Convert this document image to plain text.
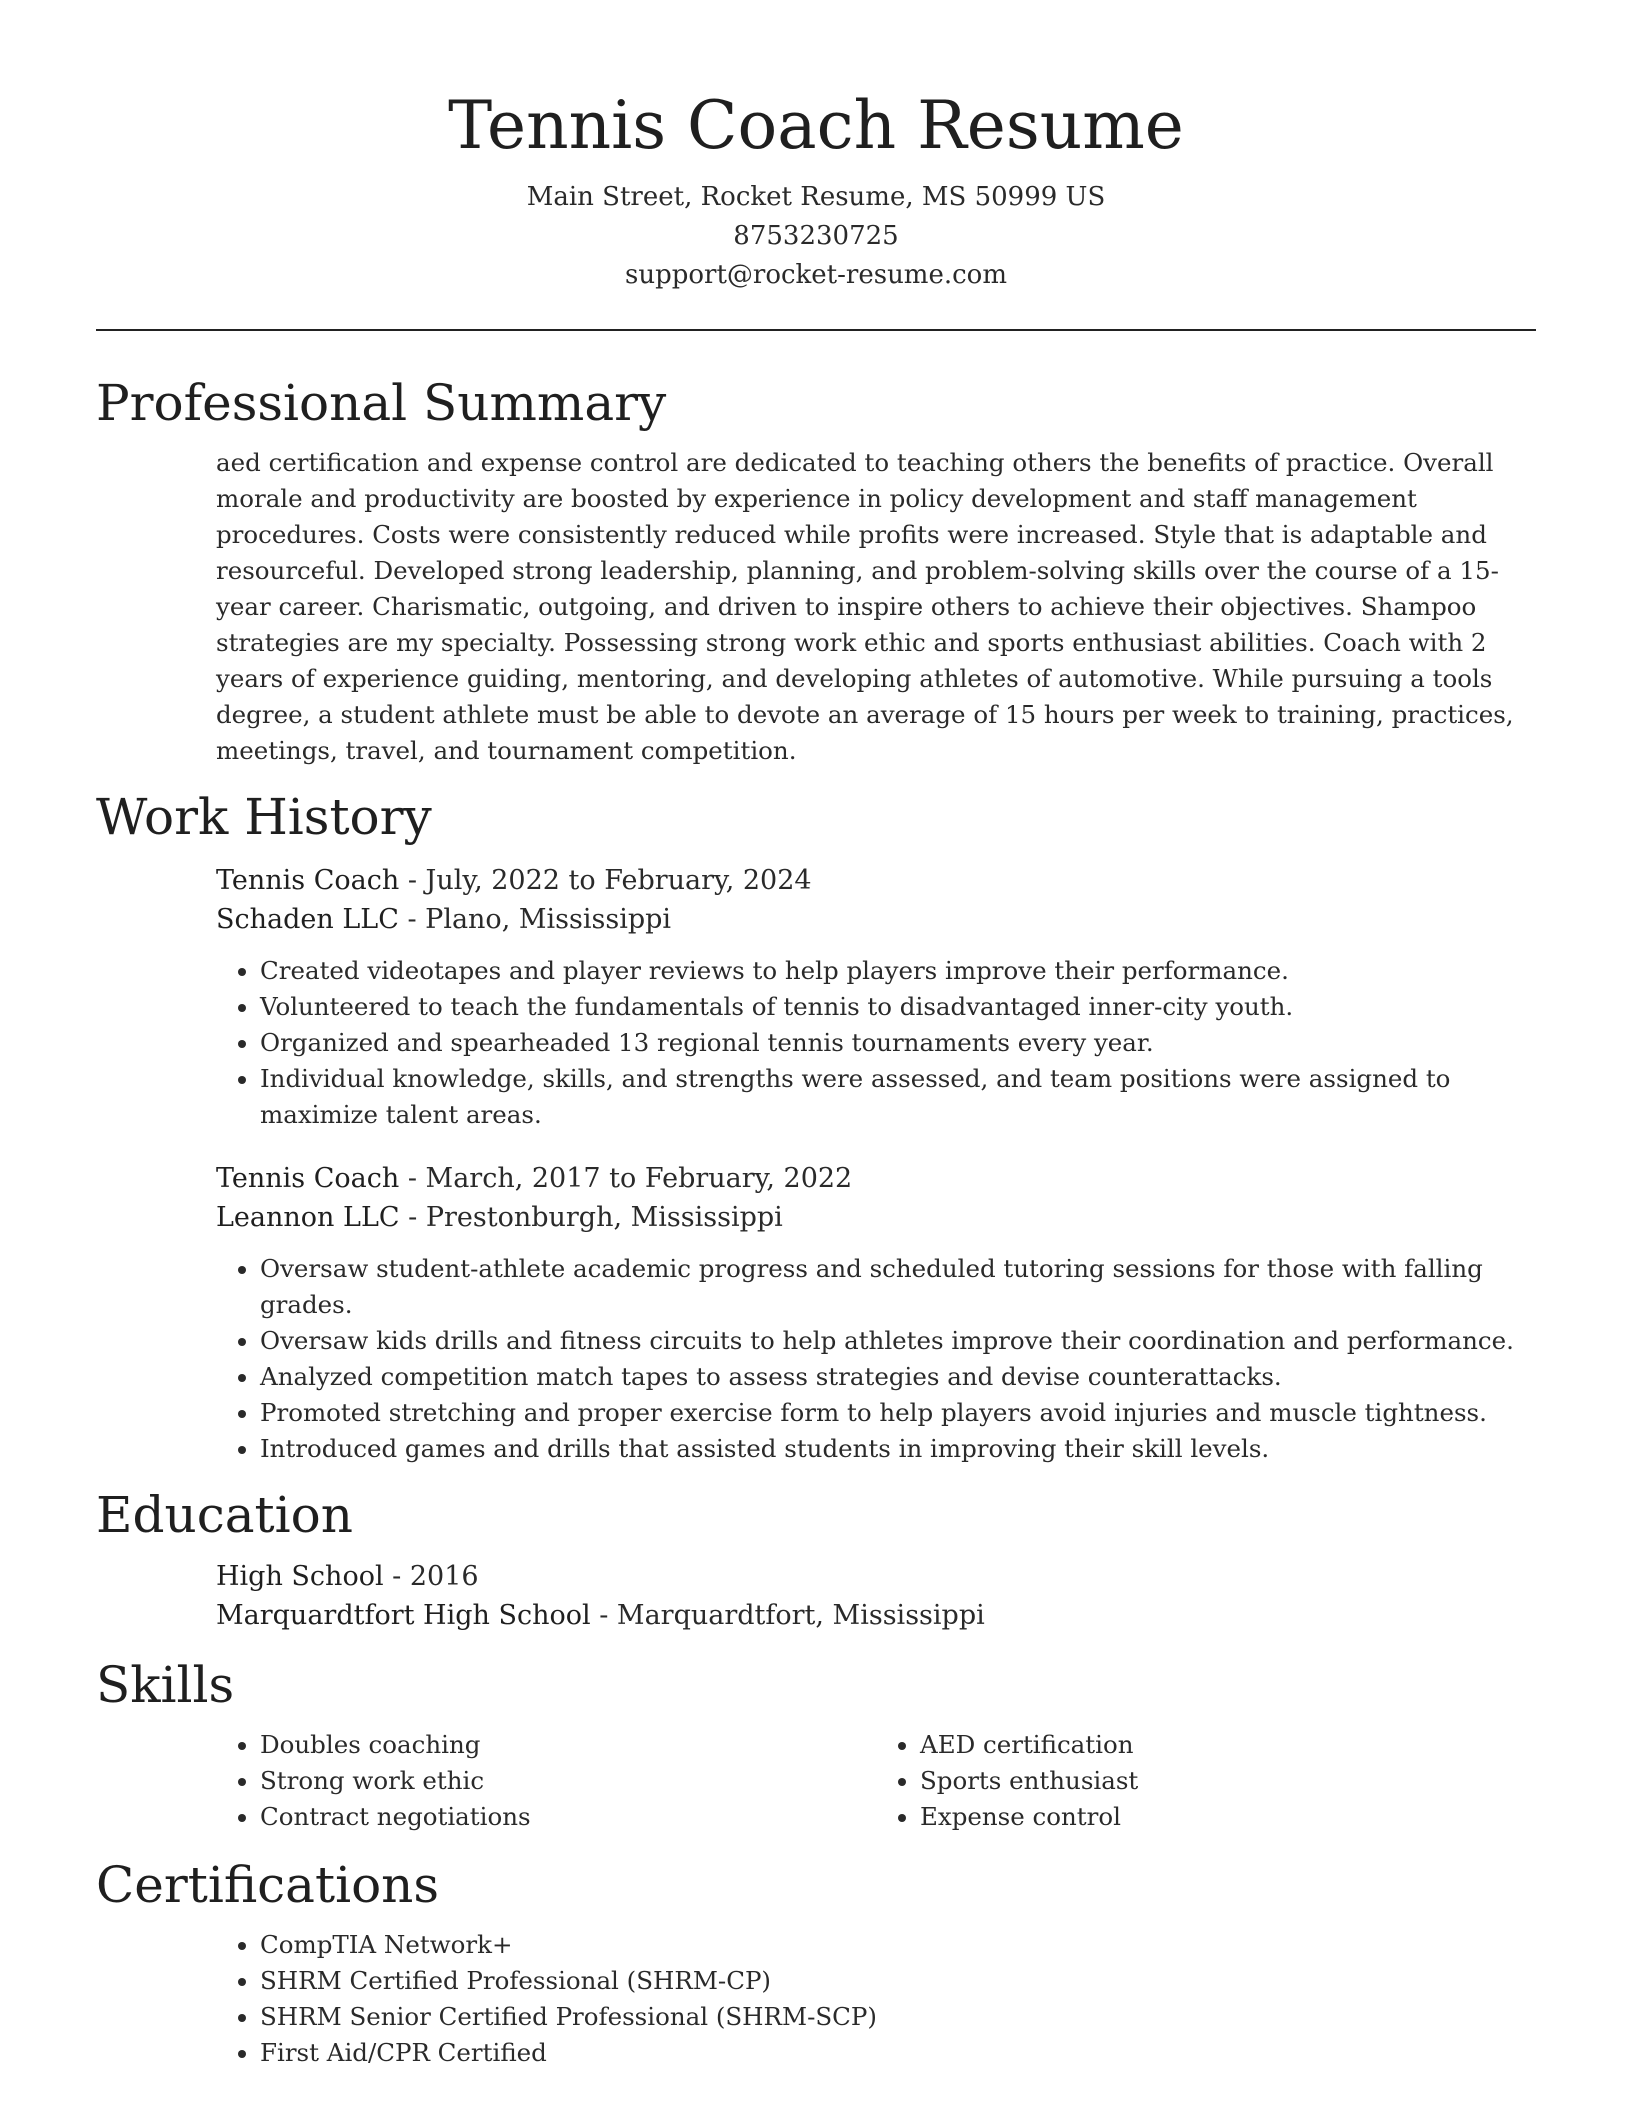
Tennis Coach Resume
Main Street, Rocket Resume, MS 50999 US
8753230725
support@rocket-resume.com
Professional Summary

aed certification and expense control are dedicated to teaching others the benefits of practice. Overall morale and productivity are boosted by experience in policy development and staff management procedures. Costs were consistently reduced while profits were increased. Style that is adaptable and resourceful. Developed strong leadership, planning, and problem-solving skills over the course of a 15-year career. Charismatic, outgoing, and driven to inspire others to achieve their objectives. Shampoo strategies are my specialty. Possessing strong work ethic and sports enthusiast abilities. Coach with 2 years of experience guiding, mentoring, and developing athletes of automotive. While pursuing a tools degree, a student athlete must be able to devote an average of 15 hours per week to training, practices, meetings, travel, and tournament competition.

Work History
Tennis Coach - July, 2022 to February, 2024
Schaden LLC - Plano, Mississippi
• Created videotapes and player reviews to help players improve their performance.
• Volunteered to teach the fundamentals of tennis to disadvantaged inner-city youth.
• Organized and spearheaded 13 regional tennis tournaments every year.
• Individual knowledge, skills, and strengths were assessed, and team positions were assigned to maximize talent areas.
Tennis Coach - March, 2017 to February, 2022
Leannon LLC - Prestonburgh, Mississippi
• Oversaw student-athlete academic progress and scheduled tutoring sessions for those with falling grades.
• Oversaw kids drills and fitness circuits to help athletes improve their coordination and performance.
• Analyzed competition match tapes to assess strategies and devise counterattacks.
• Promoted stretching and proper exercise form to help players avoid injuries and muscle tightness.
• Introduced games and drills that assisted students in improving their skill levels.
Education
High School - 2016
Marquardtfort High School - Marquardtfort, Mississippi
Skills
• Doubles coaching
• Strong work ethic
• Contract negotiations
• AED certification
• Sports enthusiast
• Expense control
Certifications
• CompTIA Network+
• SHRM Certified Professional (SHRM-CP)
• SHRM Senior Certified Professional (SHRM-SCP)
• First Aid/CPR Certified
